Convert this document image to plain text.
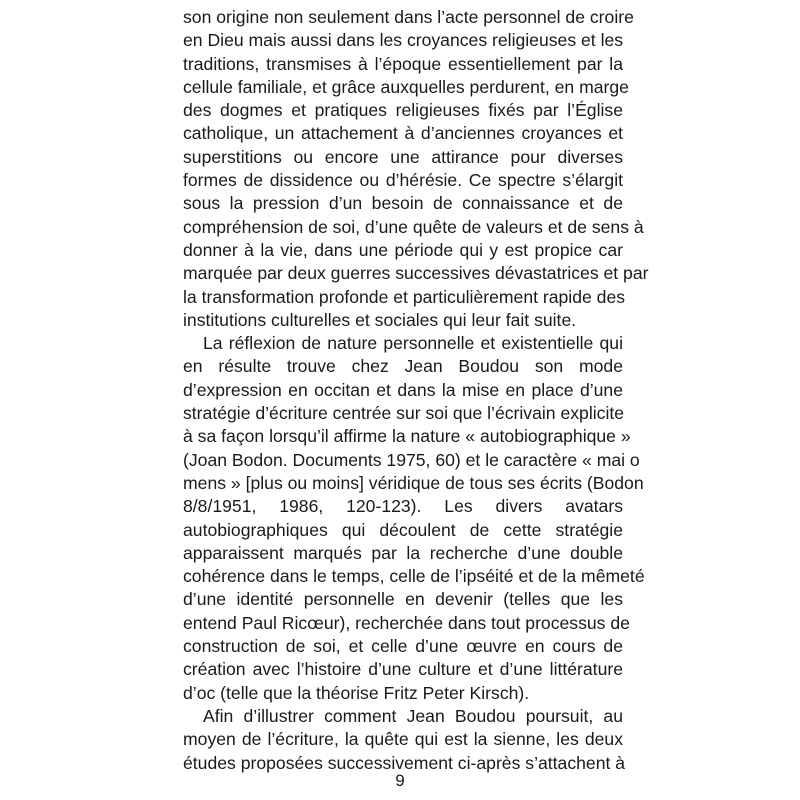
son origine non seulement dans l’acte personnel de croire
en Dieu mais aussi dans les croyances religieuses et les
traditions, transmises à l’époque essentiellement par la
cellule familiale, et grâce auxquelles perdurent, en marge
des dogmes et pratiques religieuses fixés par l’Église
catholique, un attachement à d’anciennes croyances et
superstitions ou encore une attirance pour diverses
formes de dissidence ou d’hérésie. Ce spectre s’élargit
sous la pression d’un besoin de connaissance et de
compréhension de soi, d’une quête de valeurs et de sens à
donner à la vie, dans une période qui y est propice car
marquée par deux guerres successives dévastatrices et par
la transformation profonde et particulièrement rapide des
institutions culturelles et sociales qui leur fait suite.
La réflexion de nature personnelle et existentielle qui
en résulte trouve chez Jean Boudou son mode
d’expression en occitan et dans la mise en place d’une
stratégie d’écriture centrée sur soi que l’écrivain explicite
à sa façon lorsqu’il affirme la nature « autobiographique »
(Joan Bodon. Documents 1975, 60) et le caractère « mai o
mens » [plus ou moins] véridique de tous ses écrits (Bodon
8/8/1951, 1986, 120-123). Les divers avatars
autobiographiques qui découlent de cette stratégie
apparaissent marqués par la recherche d’une double
cohérence dans le temps, celle de l’ipséité et de la mêmeté
d’une identité personnelle en devenir (telles que les
entend Paul Ricœur), recherchée dans tout processus de
construction de soi, et celle d’une œuvre en cours de
création avec l’histoire d’une culture et d’une littérature
d’oc (telle que la théorise Fritz Peter Kirsch).
Afin d’illustrer comment Jean Boudou poursuit, au
moyen de l’écriture, la quête qui est la sienne, les deux
études proposées successivement ci-après s’attachent à
9
